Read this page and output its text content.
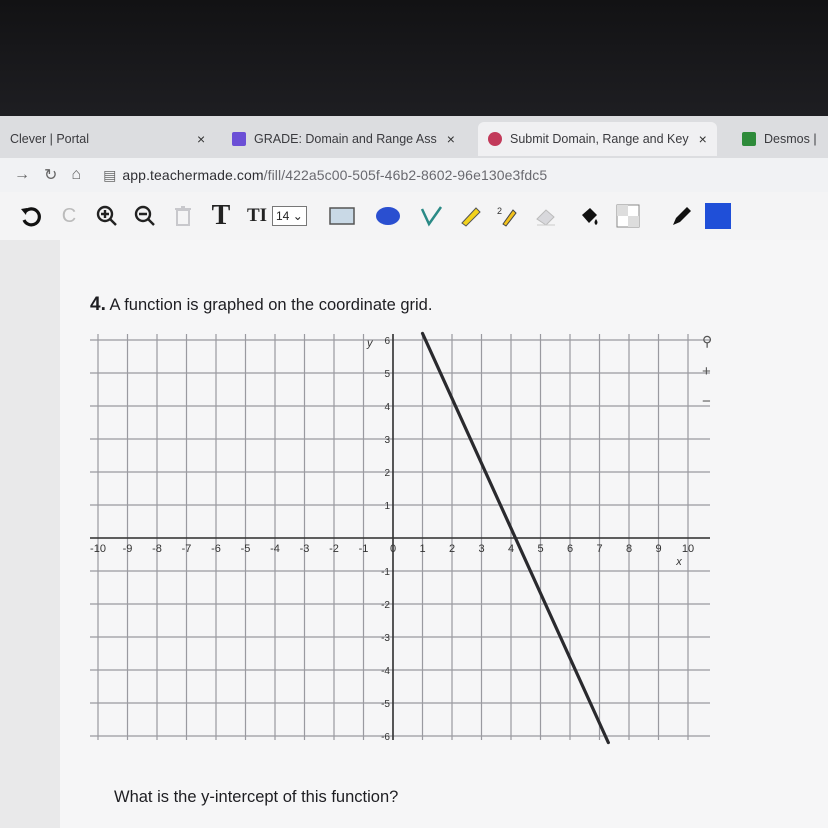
Clever | Portal	×	GRADE: Domain and Range Ass ×	Submit Domain, Range and Key ×	Desmos |
→ ↻ ⌂ ▤ app.teachermade.com/fill/422a5c00-505f-46b2-8602-96e130e3fdc5
C	T TI 14 ⌄	2
4. A function is graphed on the coordinate grid.
-10 -9 -8 -7 -6 -5 -4 -3 -2 -1 0 1 2 3 4 5 6 7 8 9 10
6
5
4
3
2
1
-1
-2
-3
-4
-5
-6
x
y	⚲
+
−
What is the y-intercept of this function?
